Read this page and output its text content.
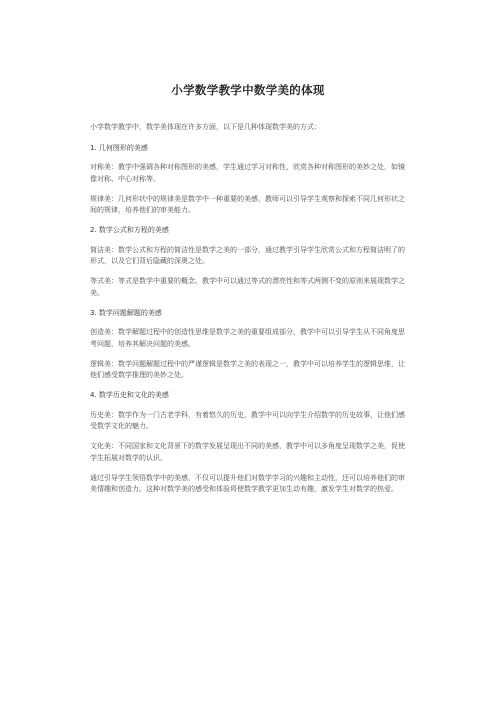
小学数学教学中数学美的体现

小学数学教学中，数学美体现在许多方面，以下是几种体现数学美的方式：

1. 几何图形的美感

对称美：教学中强调各种对称图形的美感，学生通过学习对称性，欣赏各种对称图形的美妙之处，如镜像对称、中心对称等。

规律美：几何形状中的规律美是数学中一种重要的美感，教师可以引导学生观察和探索不同几何形状之间的规律，培养他们的审美能力。

2. 数学公式和方程的美感

简洁美：数学公式和方程的简洁性是数学之美的一部分，通过教学引导学生欣赏公式和方程简洁明了的形式，以及它们背后隐藏的深奥之处。

等式美：等式是数学中重要的概念，教学中可以通过等式的漂亮性和等式两侧不变的原则来展现数学之美。

3. 数学问题解题的美感

创造美：数学解题过程中的创造性思维是数学之美的重要组成部分，教学中可以引导学生从不同角度思考问题，培养其解决问题的美感。

逻辑美：数学问题解题过程中的严谨逻辑是数学之美的表现之一，教学中可以培养学生的逻辑思维，让他们感受数学推理的美妙之处。

4. 数学历史和文化的美感

历史美：数学作为一门古老学科，有着悠久的历史，教学中可以向学生介绍数学的历史故事，让他们感受数学文化的魅力。

文化美：不同国家和文化背景下的数学发展呈现出不同的美感，教学中可以多角度呈现数学之美，促使学生拓展对数学的认识。

通过引导学生领悟数学中的美感，不仅可以提升他们对数学学习的兴趣和主动性，还可以培养他们的审美情趣和创造力。这种对数学美的感受和体验将使数学教学更加生动有趣，激发学生对数学的热爱。
